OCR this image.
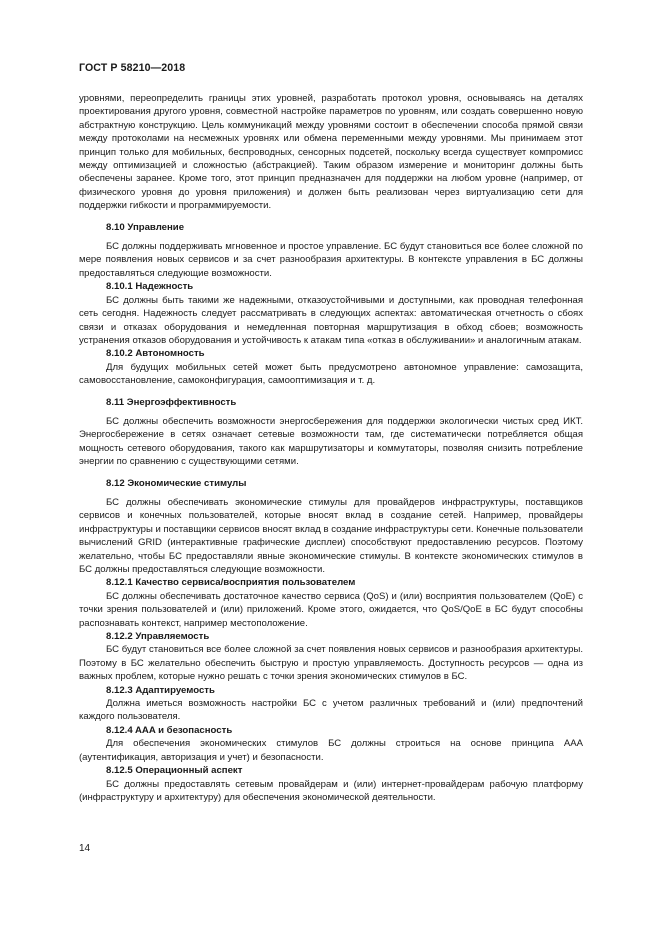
ГОСТ Р 58210—2018

уровнями, переопределить границы этих уровней, разработать протокол уровня, основываясь на деталях проектирования другого уровня, совместной настройке параметров по уровням, или создать совершенно новую абстрактную конструкцию. Цель коммуникаций между уровнями состоит в обеспечении способа прямой связи между протоколами на несмежных уровнях или обмена переменными между уровнями. Мы принимаем этот принцип только для мобильных, беспроводных, сенсорных подсетей, поскольку всегда существует компромисс между оптимизацией и сложностью (абстракцией). Таким образом измерение и мониторинг должны быть обеспечены заранее. Кроме того, этот принцип предназначен для поддержки на любом уровне (например, от физического уровня до уровня приложения) и должен быть реализован через виртуализацию сети для поддержки гибкости и программируемости.

8.10 Управление

БС должны поддерживать мгновенное и простое управление. БС будут становиться все более сложной по мере появления новых сервисов и за счет разнообразия архитектуры. В контексте управления в БС должны предоставляться следующие возможности.

8.10.1 Надежность

БС должны быть такими же надежными, отказоустойчивыми и доступными, как проводная телефонная сеть сегодня. Надежность следует рассматривать в следующих аспектах: автоматическая отчетность о сбоях связи и отказах оборудования и немедленная повторная маршрутизация в обход сбоев; возможность устранения отказов оборудования и устойчивость к атакам типа «отказ в обслуживании» и аналогичным атакам.

8.10.2 Автономность

Для будущих мобильных сетей может быть предусмотрено автономное управление: самозащита, самовосстановление, самоконфигурация, самооптимизация и т. д.

8.11 Энергоэффективность

БС должны обеспечить возможности энергосбережения для поддержки экологически чистых сред ИКТ. Энергосбережение в сетях означает сетевые возможности там, где систематически потребляется общая мощность сетевого оборудования, такого как маршрутизаторы и коммутаторы, позволяя снизить потребление энергии по сравнению с существующими сетями.

8.12 Экономические стимулы

БС должны обеспечивать экономические стимулы для провайдеров инфраструктуры, поставщиков сервисов и конечных пользователей, которые вносят вклад в создание сетей. Например, провайдеры инфраструктуры и поставщики сервисов вносят вклад в создание инфраструктуры сети. Конечные пользователи вычислений GRID (интерактивные графические дисплеи) способствуют предоставлению ресурсов. Поэтому желательно, чтобы БС предоставляли явные экономические стимулы. В контексте экономических стимулов в БС должны предоставляться следующие возможности.

8.12.1 Качество сервиса/восприятия пользователем

БС должны обеспечивать достаточное качество сервиса (QoS) и (или) восприятия пользователем (QoE) с точки зрения пользователей и (или) приложений. Кроме этого, ожидается, что QoS/QoE в БС будут способны распознавать контекст, например местоположение.

8.12.2 Управляемость

БС будут становиться все более сложной за счет появления новых сервисов и разнообразия архитектуры. Поэтому в БС желательно обеспечить быструю и простую управляемость. Доступность ресурсов — одна из важных проблем, которые нужно решать с точки зрения экономических стимулов в БС.

8.12.3 Адаптируемость

Должна иметься возможность настройки БС с учетом различных требований и (или) предпочтений каждого пользователя.

8.12.4 AAA и безопасность

Для обеспечения экономических стимулов БС должны строиться на основе принципа AAA (аутентификация, авторизация и учет) и безопасности.

8.12.5 Операционный аспект

БС должны предоставлять сетевым провайдерам и (или) интернет-провайдерам рабочую платформу (инфраструктуру и архитектуру) для обеспечения экономической деятельности.

14
